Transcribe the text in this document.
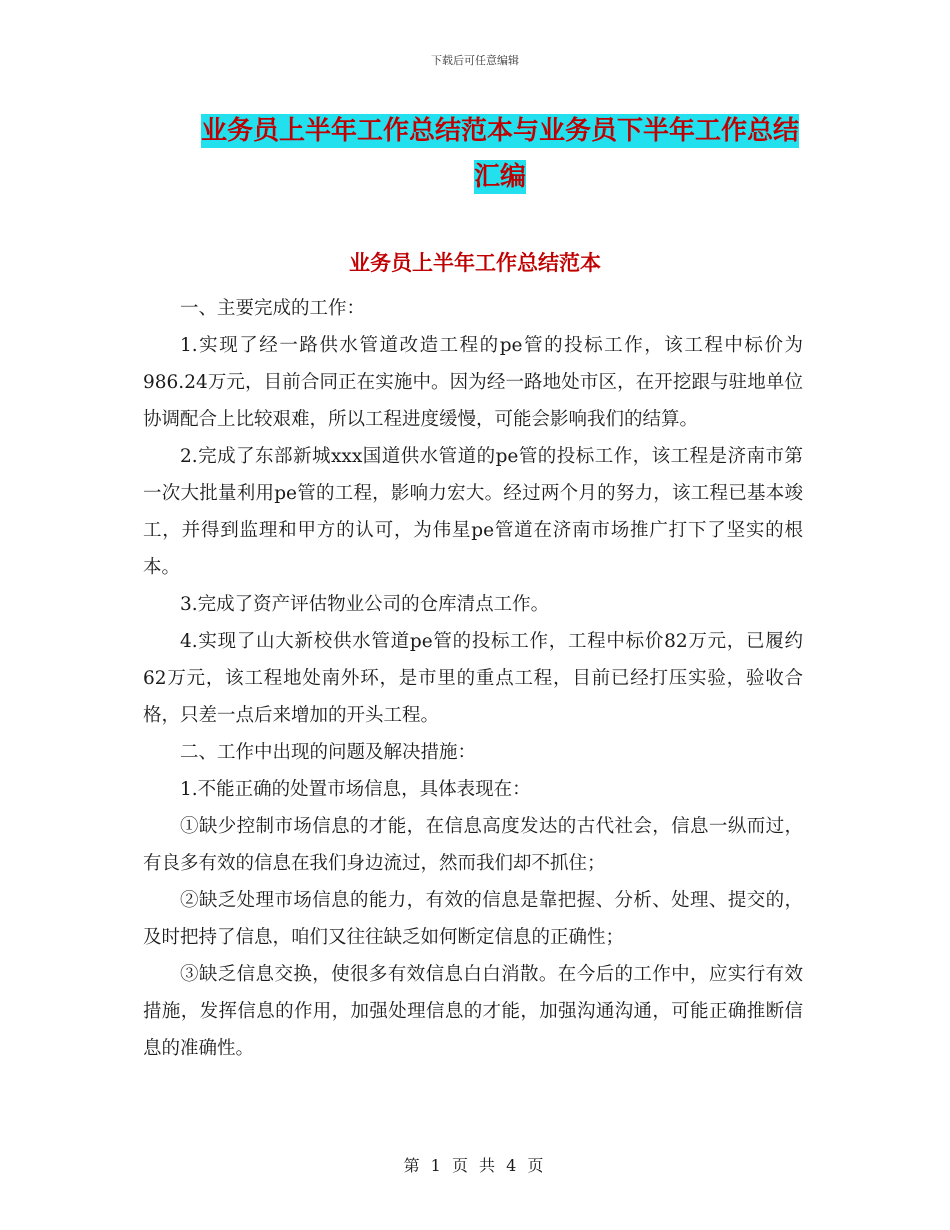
下载后可任意编辑
业务员上半年工作总结范本与业务员下半年工作总结
汇编
业务员上半年工作总结范本

一、主要完成的工作：

1.实现了经一路供水管道改造工程的pe管的投标工作，该工程中标价为986.24万元，目前合同正在实施中。因为经一路地处市区，在开挖跟与驻地单位协调配合上比较艰难，所以工程进度缓慢，可能会影响我们的结算。

2.完成了东部新城xxx国道供水管道的pe管的投标工作，该工程是济南市第一次大批量利用pe管的工程，影响力宏大。经过两个月的努力，该工程已基本竣工，并得到监理和甲方的认可，为伟星pe管道在济南市场推广打下了坚实的根本。

3.完成了资产评估物业公司的仓库清点工作。

4.实现了山大新校供水管道pe管的投标工作，工程中标价82万元，已履约62万元，该工程地处南外环，是市里的重点工程，目前已经打压实验，验收合格，只差一点后来增加的开头工程。

二、工作中出现的问题及解决措施：

1.不能正确的处置市场信息，具体表现在：

①缺少控制市场信息的才能，在信息高度发达的古代社会，信息一纵而过，有良多有效的信息在我们身边流过，然而我们却不抓住；

②缺乏处理市场信息的能力，有效的信息是靠把握、分析、处理、提交的，及时把持了信息，咱们又往往缺乏如何断定信息的正确性；

③缺乏信息交换，使很多有效信息白白消散。在今后的工作中，应实行有效措施，发挥信息的作用，加强处理信息的才能，加强沟通沟通，可能正确推断信息的准确性。

第 1 页 共 4 页
